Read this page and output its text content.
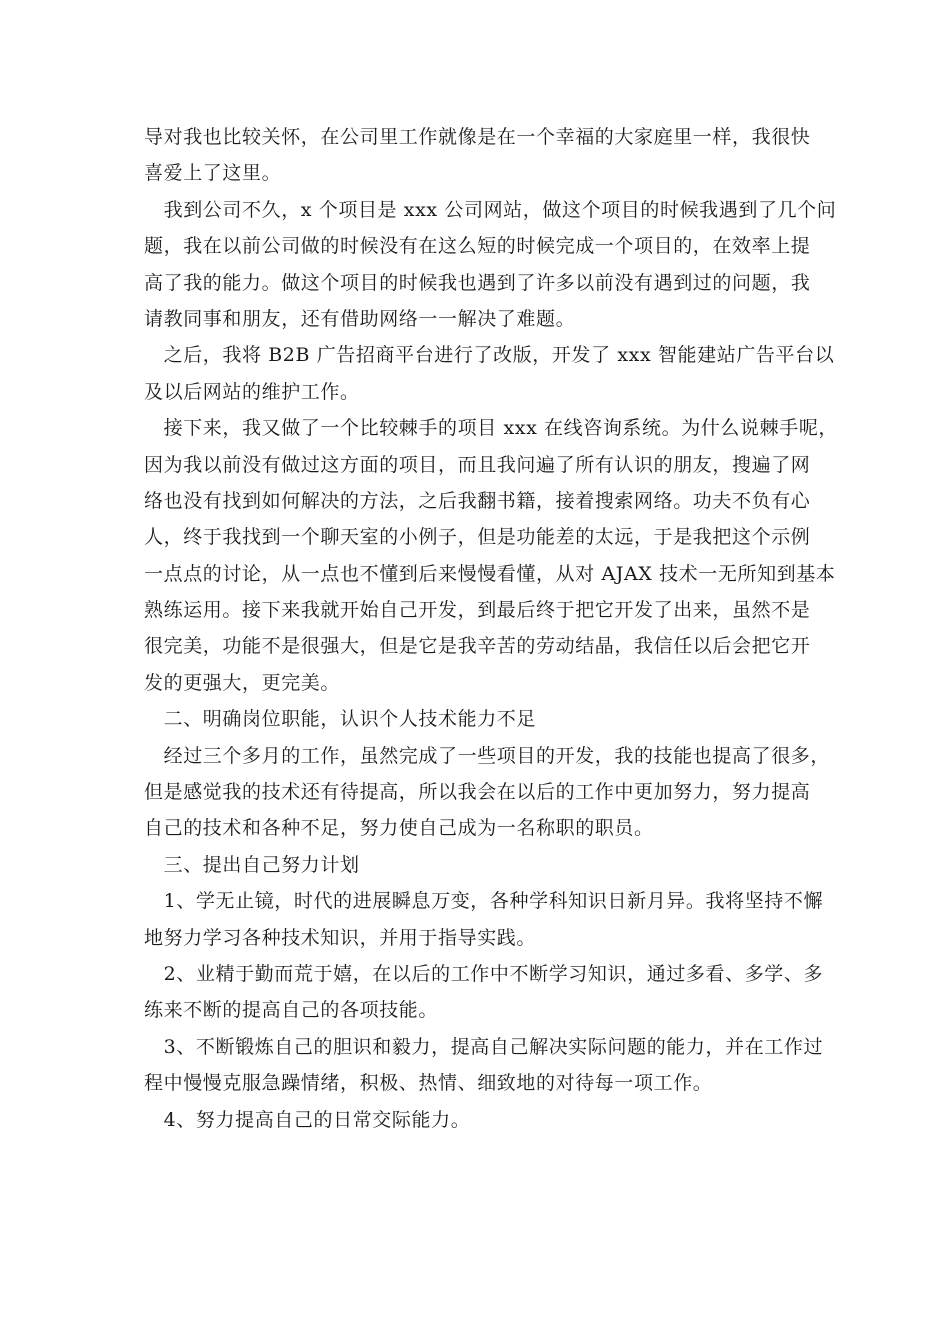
导对我也比较关怀，在公司里工作就像是在一个幸福的大家庭里一样，我很快
喜爱上了这里。
　我到公司不久，x 个项目是 xxx 公司网站，做这个项目的时候我遇到了几个问
题，我在以前公司做的时候没有在这么短的时候完成一个项目的，在效率上提
高了我的能力。做这个项目的时候我也遇到了许多以前没有遇到过的问题，我
请教同事和朋友，还有借助网络一一解决了难题。
　之后，我将 B2B 广告招商平台进行了改版，开发了 xxx 智能建站广告平台以
及以后网站的维护工作。
　接下来，我又做了一个比较棘手的项目 xxx 在线咨询系统。为什么说棘手呢，
因为我以前没有做过这方面的项目，而且我问遍了所有认识的朋友，搜遍了网
络也没有找到如何解决的方法，之后我翻书籍，接着搜索网络。功夫不负有心
人，终于我找到一个聊天室的小例子，但是功能差的太远，于是我把这个示例
一点点的讨论，从一点也不懂到后来慢慢看懂，从对 AJAX 技术一无所知到基本
熟练运用。接下来我就开始自己开发，到最后终于把它开发了出来，虽然不是
很完美，功能不是很强大，但是它是我辛苦的劳动结晶，我信任以后会把它开
发的更强大，更完美。
　二、明确岗位职能，认识个人技术能力不足
　经过三个多月的工作，虽然完成了一些项目的开发，我的技能也提高了很多，
但是感觉我的技术还有待提高，所以我会在以后的工作中更加努力，努力提高
自己的技术和各种不足，努力使自己成为一名称职的职员。
　三、提出自己努力计划
　1、学无止镜，时代的进展瞬息万变，各种学科知识日新月异。我将坚持不懈
地努力学习各种技术知识，并用于指导实践。
　2、业精于勤而荒于嬉，在以后的工作中不断学习知识，通过多看、多学、多
练来不断的提高自己的各项技能。
　3、不断锻炼自己的胆识和毅力，提高自己解决实际问题的能力，并在工作过
程中慢慢克服急躁情绪，积极、热情、细致地的对待每一项工作。
　4、努力提高自己的日常交际能力。
